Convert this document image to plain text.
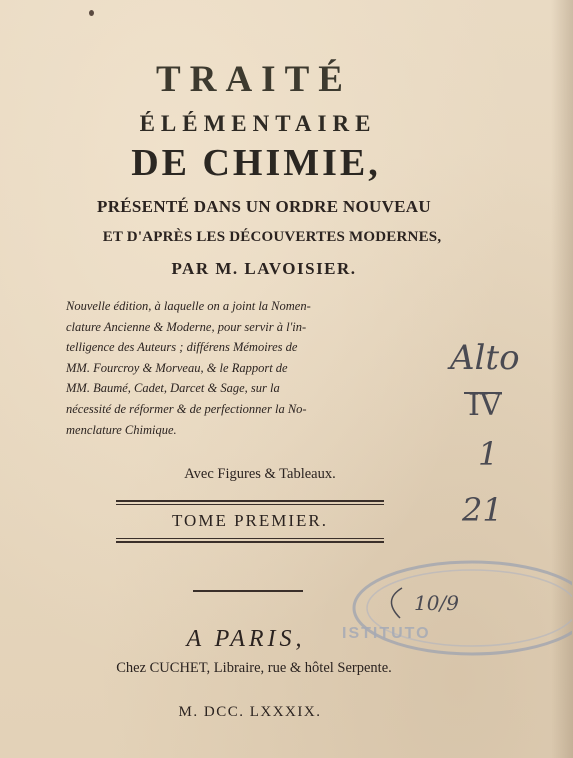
TRAITÉ
ÉLÉMENTAIRE
DE CHIMIE,
PRÉSENTÉ DANS UN ORDRE NOUVEAU
ET D'APRÈS LES DÉCOUVERTES MODERNES,
PAR M. LAVOISIER.
Nouvelle édition, à laquelle on a joint la Nomen-
clature Ancienne & Moderne, pour servir à l'in-
telligence des Auteurs ; différens Mémoires de
MM. Fourcroy & Morveau, & le Rapport de
MM. Baumé, Cadet, Darcet & Sage, sur la
nécessité de réformer & de perfectionner la No-
menclature Chimique.
Avec Figures & Tableaux.
TOME PREMIER.
A PARIS,
Chez CUCHET, Libraire, rue & hôtel Serpente.
M. DCC. LXXXIX.
ISTITUTO
10/9
Alto
IV
1
21
